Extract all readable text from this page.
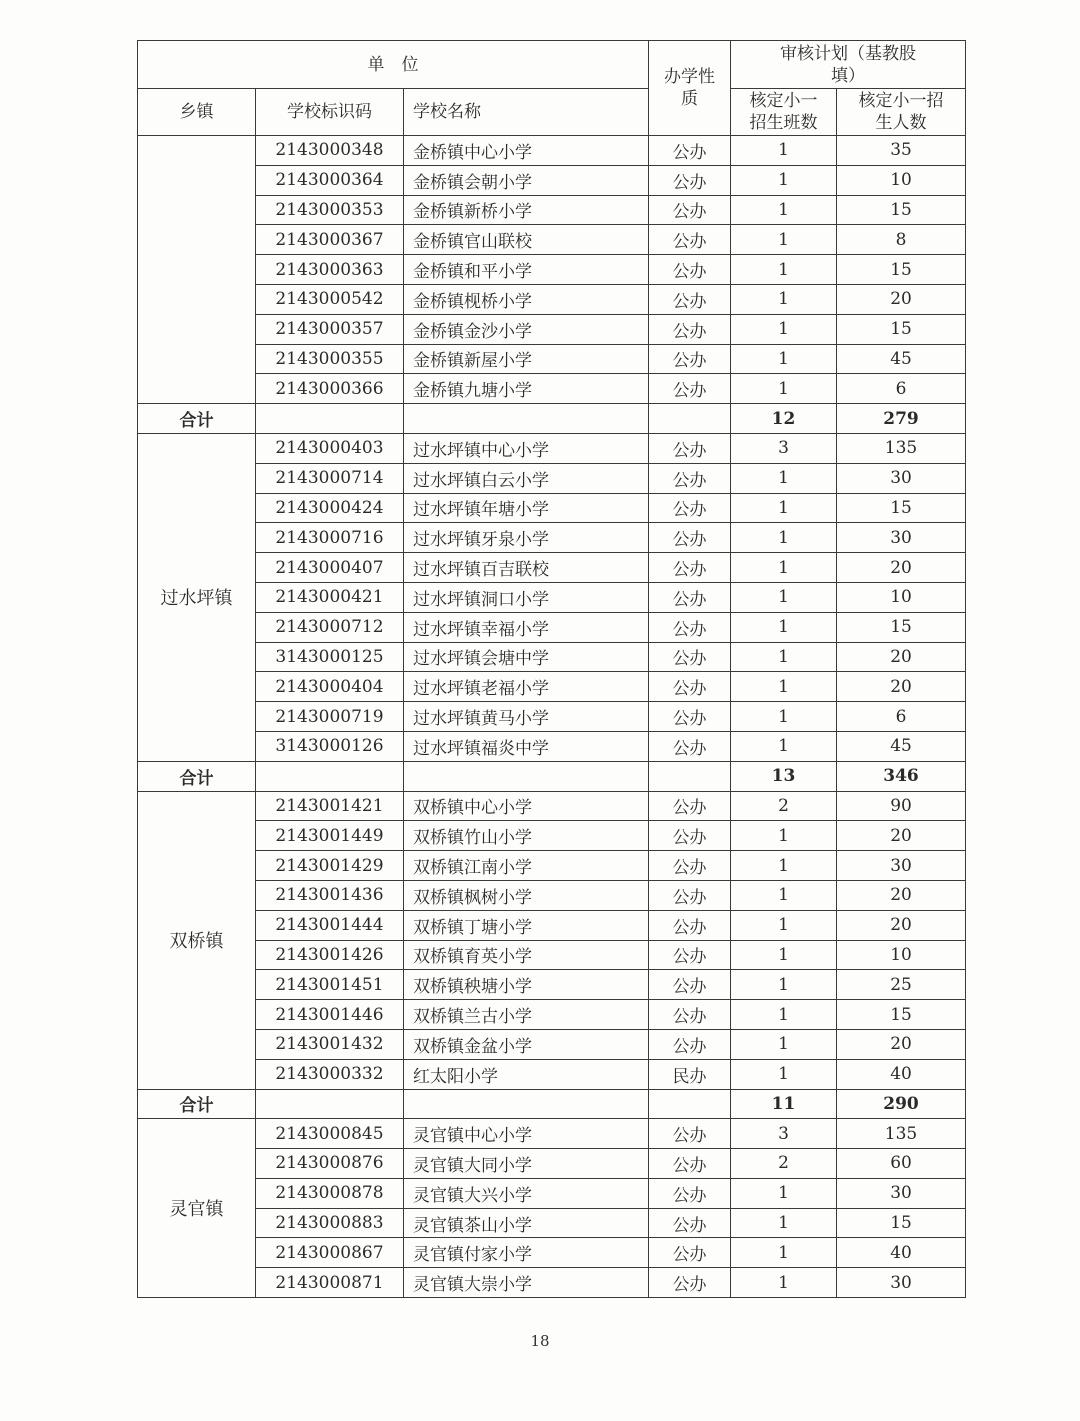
单　位			办学性质	审核计划（基教股填）	
乡镇	学校标识码	学校名称		核定小一招生班数	核定小一招生人数
	2143000348	金桥镇中心小学	公办	1	35
	2143000364	金桥镇会朝小学	公办	1	10
	2143000353	金桥镇新桥小学	公办	1	15
	2143000367	金桥镇官山联校	公办	1	8
	2143000363	金桥镇和平小学	公办	1	15
	2143000542	金桥镇枧桥小学	公办	1	20
	2143000357	金桥镇金沙小学	公办	1	15
	2143000355	金桥镇新屋小学	公办	1	45
	2143000366	金桥镇九塘小学	公办	1	6
合计				12	279
过水坪镇	2143000403	过水坪镇中心小学	公办	3	135
	2143000714	过水坪镇白云小学	公办	1	30
	2143000424	过水坪镇年塘小学	公办	1	15
	2143000716	过水坪镇牙泉小学	公办	1	30
	2143000407	过水坪镇百吉联校	公办	1	20
	2143000421	过水坪镇洞口小学	公办	1	10
	2143000712	过水坪镇幸福小学	公办	1	15
	3143000125	过水坪镇会塘中学	公办	1	20
	2143000404	过水坪镇老福小学	公办	1	20
	2143000719	过水坪镇黄马小学	公办	1	6
	3143000126	过水坪镇福炎中学	公办	1	45
合计				13	346
双桥镇	2143001421	双桥镇中心小学	公办	2	90
	2143001449	双桥镇竹山小学	公办	1	20
	2143001429	双桥镇江南小学	公办	1	30
	2143001436	双桥镇枫树小学	公办	1	20
	2143001444	双桥镇丁塘小学	公办	1	20
	2143001426	双桥镇育英小学	公办	1	10
	2143001451	双桥镇秧塘小学	公办	1	25
	2143001446	双桥镇兰古小学	公办	1	15
	2143001432	双桥镇金盆小学	公办	1	20
	2143000332	红太阳小学	民办	1	40
合计				11	290
灵官镇	2143000845	灵官镇中心小学	公办	3	135
	2143000876	灵官镇大同小学	公办	2	60
	2143000878	灵官镇大兴小学	公办	1	30
	2143000883	灵官镇茶山小学	公办	1	15
	2143000867	灵官镇付家小学	公办	1	40
	2143000871	灵官镇大崇小学	公办	1	30
18
